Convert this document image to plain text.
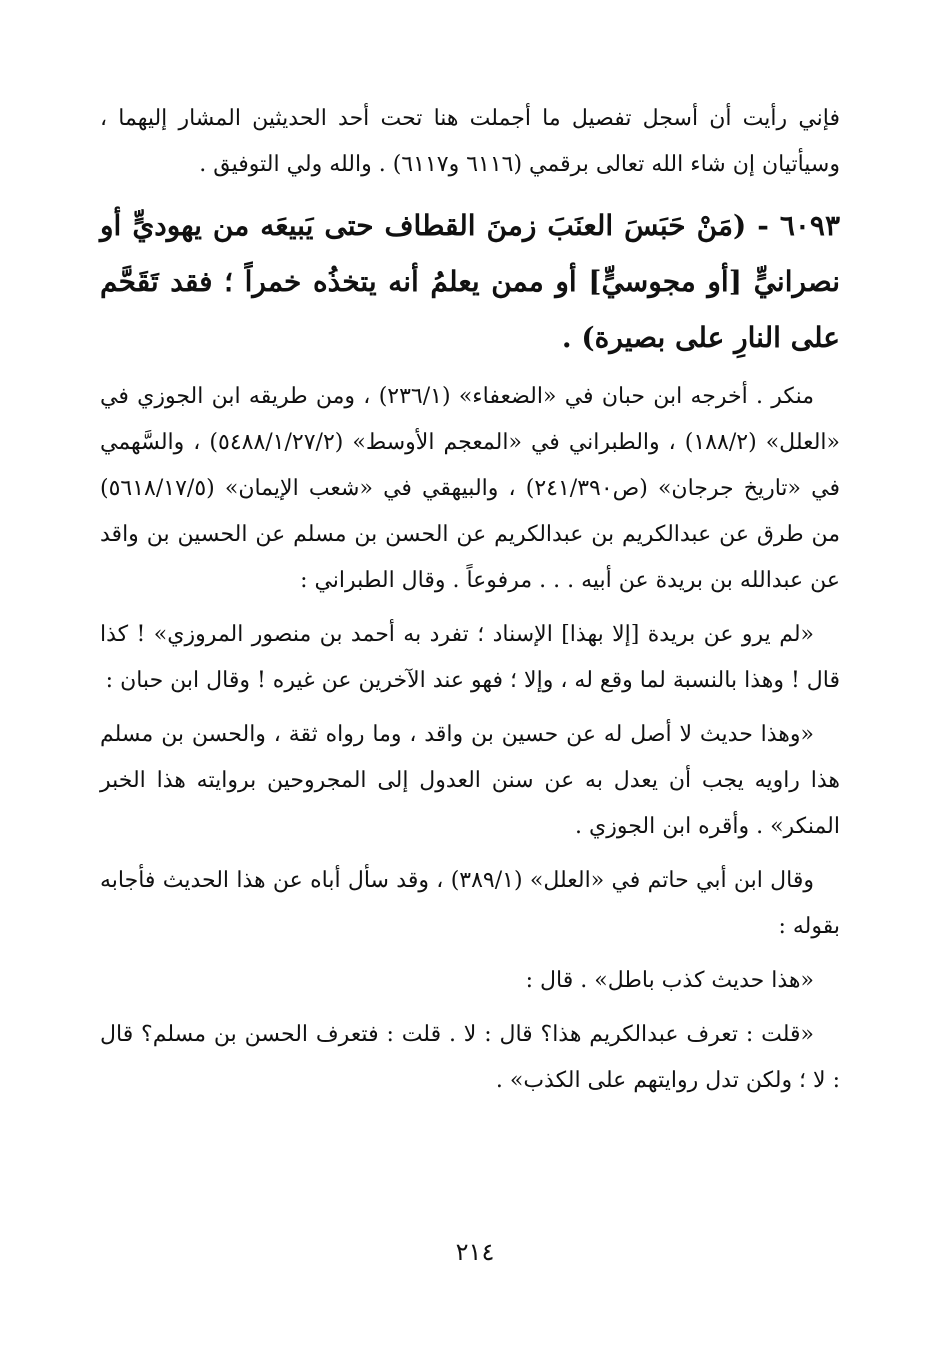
فإني رأيت أن أسجل تفصيل ما أجملت هنا تحت أحد الحديثين المشار إليهما ، وسيأتيان إن شاء الله تعالى برقمي (٦١١٦ و٦١١٧) . والله ولي التوفيق .

٦٠٩٣ - (مَنْ حَبَسَ العنَبَ زمنَ القطاف حتى يَبيعَه من يهوديٍّ أو نصرانيٍّ [أو مجوسيٍّ] أو ممن يعلمُ أنه يتخذُه خمراً ؛ فقد تَقَحَّم على النارِ على بصيرة) .

منكر . أخرجه ابن حبان في «الضعفاء» (٢٣٦/١) ، ومن طريقه ابن الجوزي في «العلل» (١٨٨/٢) ، والطبراني في «المعجم الأوسط» (٥٤٨٨/١/٢٧/٢) ، والسَّهمي في «تاريخ جرجان» (ص٢٤١/٣٩٠) ، والبيهقي في «شعب الإيمان» (٥٦١٨/١٧/٥) من طرق عن عبدالكريم بن عبدالكريم عن الحسن بن مسلم عن الحسين بن واقد عن عبدالله بن بريدة عن أبيه . . . مرفوعاً . وقال الطبراني :

«لم يرو عن بريدة [إلا بهذا] الإسناد ؛ تفرد به أحمد بن منصور المروزي» ! كذا قال ! وهذا بالنسبة لما وقع له ، وإلا ؛ فهو عند الآخرين عن غيره ! وقال ابن حبان :

«وهذا حديث لا أصل له عن حسين بن واقد ، وما رواه ثقة ، والحسن بن مسلم هذا راويه يجب أن يعدل به عن سنن العدول إلى المجروحين بروايته هذا الخبر المنكر» . وأقره ابن الجوزي .

وقال ابن أبي حاتم في «العلل» (٣٨٩/١) ، وقد سأل أباه عن هذا الحديث فأجابه بقوله :

«هذا حديث كذب باطل» . قال :

«قلت : تعرف عبدالكريم هذا؟ قال : لا . قلت : فتعرف الحسن بن مسلم؟ قال : لا ؛ ولكن تدل روايتهم على الكذب» .

٢١٤
